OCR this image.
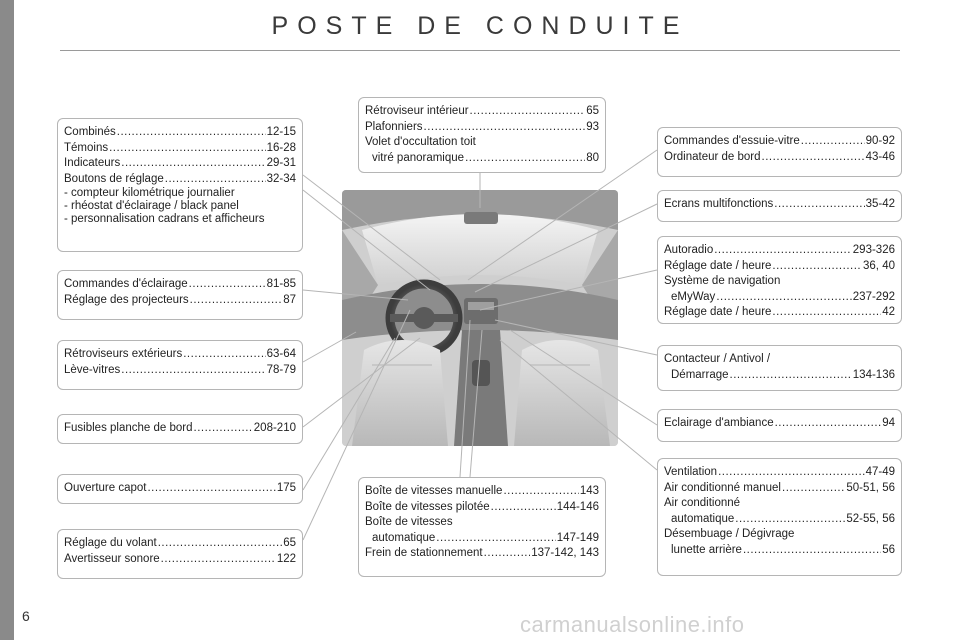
POSTE DE CONDUITE
Combinés .....	12-15
Témoins .....	16-28
Indicateurs .....	29-31
Boutons de réglage .....	32-34
- compteur kilométrique journalier
- rhéostat d'éclairage / black panel
- personnalisation cadrans et afficheurs
Commandes d'éclairage .....	81-85
Réglage des projecteurs .....	87
Rétroviseurs extérieurs .....	63-64
Lève-vitres .....	78-79
Fusibles planche de bord .....	208-210
Ouverture capot .....	175
Réglage du volant .....	65
Avertisseur sonore .....	122
Rétroviseur intérieur .....	65
Plafonniers .....	93
Volet d'occultation toit
vitré panoramique .....	80
Boîte de vitesses manuelle .....	143
Boîte de vitesses pilotée .....	144-146
Boîte de vitesses
automatique .....	147-149
Frein de stationnement .....	137-142, 143
Commandes d'essuie-vitre .....	90-92
Ordinateur de bord .....	43-46
Ecrans multifonctions .....	35-42
Autoradio .....	293-326
Réglage date / heure .....	36, 40
Système de navigation
eMyWay .....	237-292
Réglage date / heure .....	42
Contacteur / Antivol /
Démarrage .....	134-136
Eclairage d'ambiance .....	94
Ventilation .....	47-49
Air conditionné manuel .....	50-51, 56
Air conditionné
automatique .....	52-55, 56
Désembuage / Dégivrage
lunette arrière .....	56
6	carmanualsonline.info
